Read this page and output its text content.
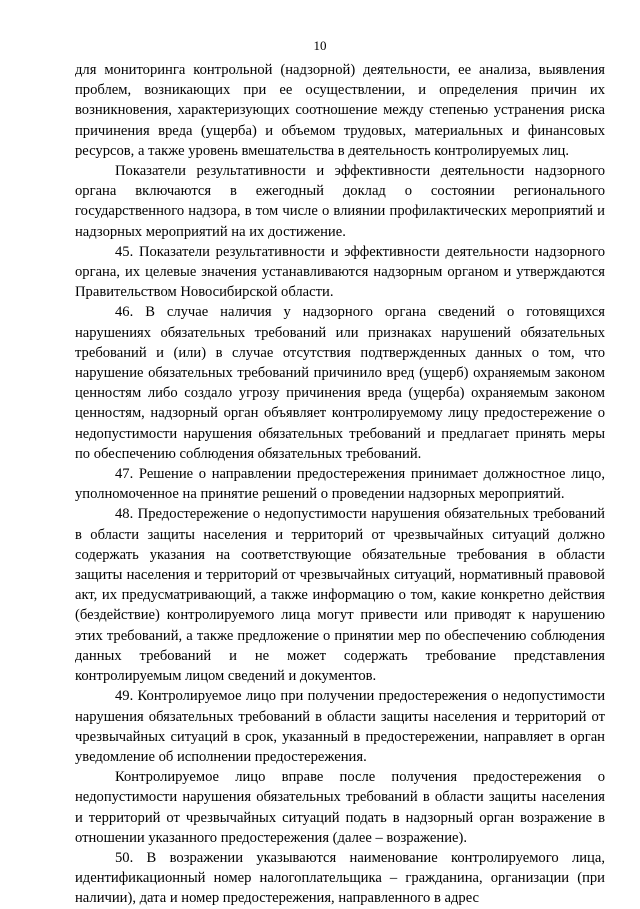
10

для мониторинга контрольной (надзорной) деятельности, ее анализа, выявления проблем, возникающих при ее осуществлении, и определения причин их возникновения, характеризующих соотношение между степенью устранения риска причинения вреда (ущерба) и объемом трудовых, материальных и финансовых ресурсов, а также уровень вмешательства в деятельность контролируемых лиц.

Показатели результативности и эффективности деятельности надзорного органа включаются в ежегодный доклад о состоянии регионального государственного надзора, в том числе о влиянии профилактических мероприятий и надзорных мероприятий на их достижение.

45. Показатели результативности и эффективности деятельности надзорного органа, их целевые значения устанавливаются надзорным органом и утверждаются Правительством Новосибирской области.

46. В случае наличия у надзорного органа сведений о готовящихся нарушениях обязательных требований или признаках нарушений обязательных требований и (или) в случае отсутствия подтвержденных данных о том, что нарушение обязательных требований причинило вред (ущерб) охраняемым законом ценностям либо создало угрозу причинения вреда (ущерба) охраняемым законом ценностям, надзорный орган объявляет контролируемому лицу предостережение о недопустимости нарушения обязательных требований и предлагает принять меры по обеспечению соблюдения обязательных требований.

47. Решение о направлении предостережения принимает должностное лицо, уполномоченное на принятие решений о проведении надзорных мероприятий.

48. Предостережение о недопустимости нарушения обязательных требований в области защиты населения и территорий от чрезвычайных ситуаций должно содержать указания на соответствующие обязательные требования в области защиты населения и территорий от чрезвычайных ситуаций, нормативный правовой акт, их предусматривающий, а также информацию о том, какие конкретно действия (бездействие) контролируемого лица могут привести или приводят к нарушению этих требований, а также предложение о принятии мер по обеспечению соблюдения данных требований и не может содержать требование представления контролируемым лицом сведений и документов.

49. Контролируемое лицо при получении предостережения о недопустимости нарушения обязательных требований в области защиты населения и территорий от чрезвычайных ситуаций в срок, указанный в предостережении, направляет в орган уведомление об исполнении предостережения.

Контролируемое лицо вправе после получения предостережения о недопустимости нарушения обязательных требований в области защиты населения и территорий от чрезвычайных ситуаций подать в надзорный орган возражение в отношении указанного предостережения (далее – возражение).

50. В возражении указываются наименование контролируемого лица, идентификационный номер налогоплательщика – гражданина, организации (при наличии), дата и номер предостережения, направленного в адрес
